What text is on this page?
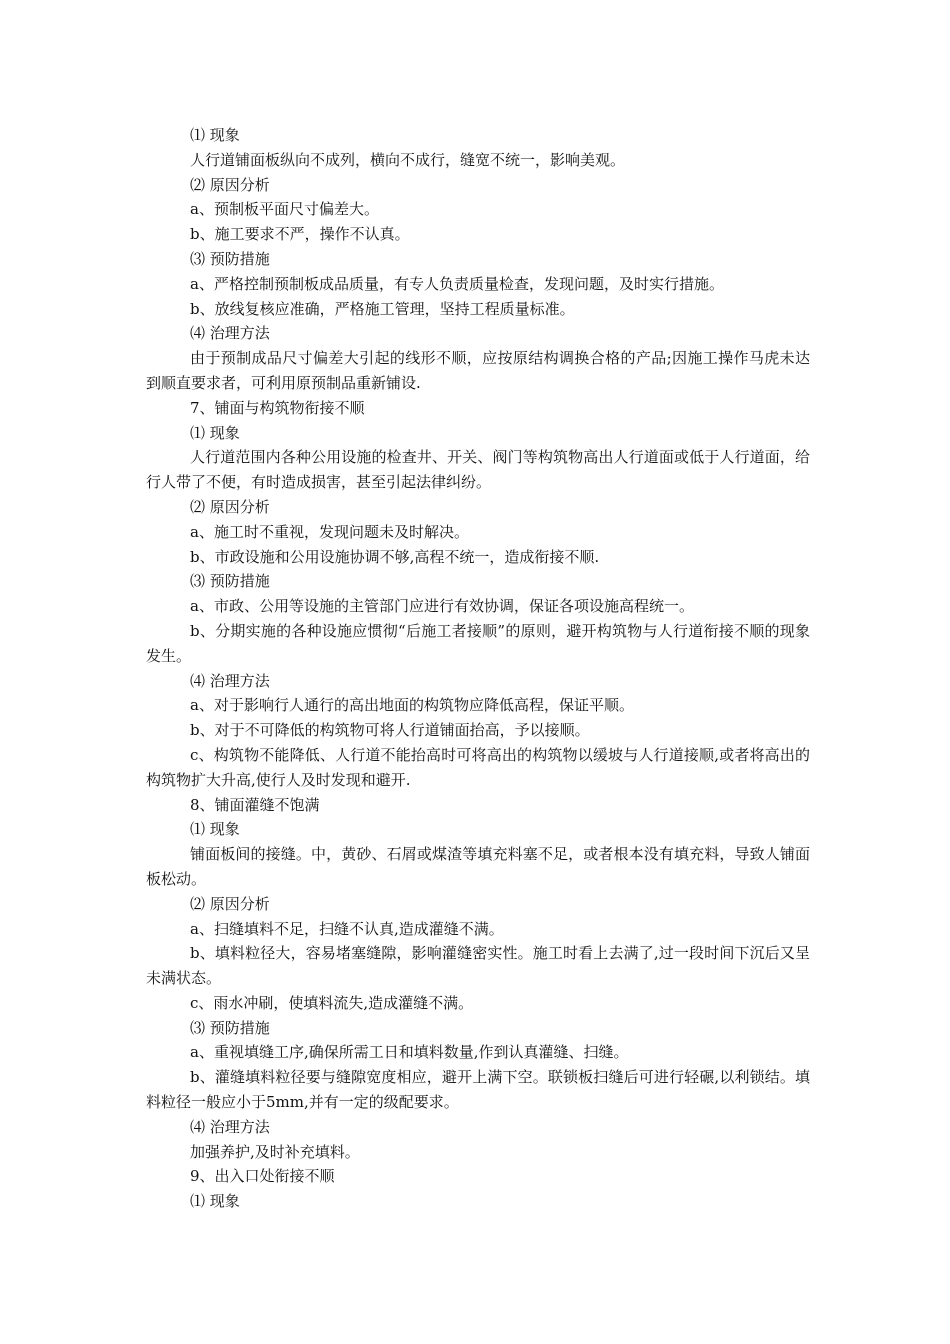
⑴ 现象

人行道铺面板纵向不成列，横向不成行，缝宽不统一，影响美观。

⑵ 原因分析

a、预制板平面尺寸偏差大。

b、施工要求不严，操作不认真。

⑶ 预防措施

a、严格控制预制板成品质量，有专人负责质量检查，发现问题，及时实行措施。

b、放线复核应准确，严格施工管理，坚持工程质量标准。

⑷ 治理方法

由于预制成品尺寸偏差大引起的线形不顺，应按原结构调换合格的产品;因施工操作马虎未达到顺直要求者，可利用原预制品重新铺设.

7、铺面与构筑物衔接不顺

⑴ 现象

人行道范围内各种公用设施的检查井、开关、阀门等构筑物高出人行道面或低于人行道面，给行人带了不便，有时造成损害，甚至引起法律纠纷。

⑵ 原因分析

a、施工时不重视，发现问题未及时解决。

b、市政设施和公用设施协调不够,高程不统一，造成衔接不顺.

⑶ 预防措施

a、市政、公用等设施的主管部门应进行有效协调，保证各项设施高程统一。

b、分期实施的各种设施应惯彻“后施工者接顺”的原则，避开构筑物与人行道衔接不顺的现象发生。

⑷ 治理方法

a、对于影响行人通行的高出地面的构筑物应降低高程，保证平顺。

b、对于不可降低的构筑物可将人行道铺面抬高，予以接顺。

c、构筑物不能降低、人行道不能抬高时可将高出的构筑物以缓坡与人行道接顺,或者将高出的构筑物扩大升高,使行人及时发现和避开.

8、铺面灌缝不饱满

⑴ 现象

铺面板间的接缝。中，黄砂、石屑或煤渣等填充料塞不足，或者根本没有填充料，导致人铺面板松动。

⑵ 原因分析

a、扫缝填料不足，扫缝不认真,造成灌缝不满。

b、填料粒径大，容易堵塞缝隙，影响灌缝密实性。施工时看上去满了,过一段时间下沉后又呈未满状态。

c、雨水冲刷，使填料流失,造成灌缝不满。

⑶ 预防措施

a、重视填缝工序,确保所需工日和填料数量,作到认真灌缝、扫缝。

b、灌缝填料粒径要与缝隙宽度相应，避开上满下空。联锁板扫缝后可进行轻碾,以利锁结。填料粒径一般应小于5mm,并有一定的级配要求。

⑷ 治理方法

加强养护,及时补充填料。

9、出入口处衔接不顺

⑴ 现象
